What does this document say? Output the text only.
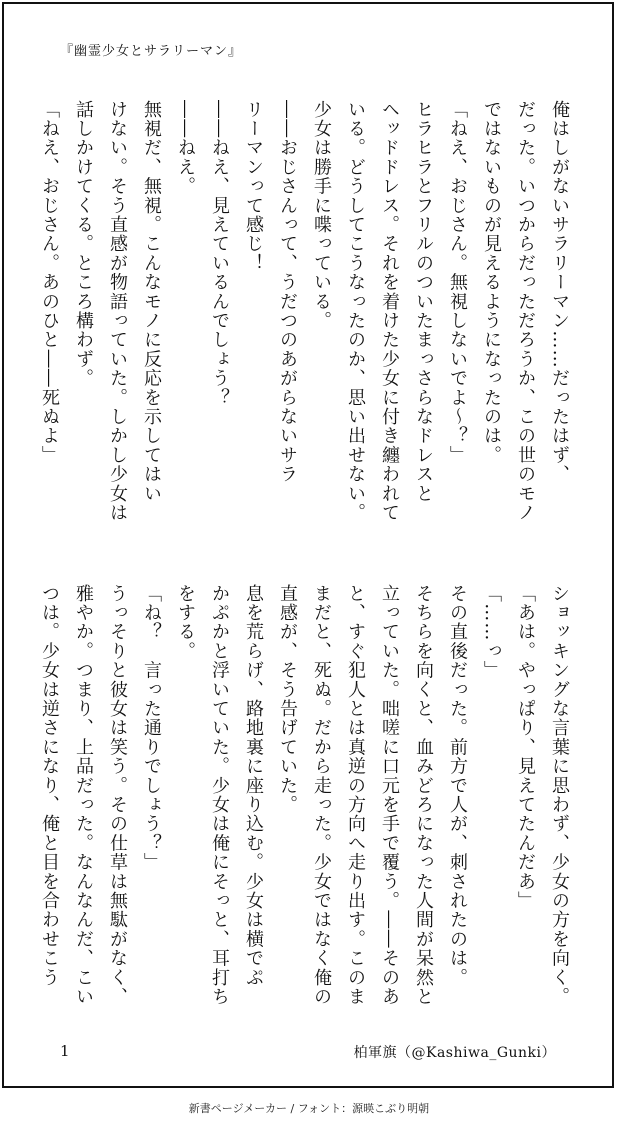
『幽霊少女とサラリーマン』

俺はしがないサラリーマン……だったはず、

だった。いつからだっただろうか、この世のモノ

ではないものが見えるようになったのは。

「ねえ、おじさん。無視しないでよ～？」

ヒラヒラとフリルのついたまっさらなドレスと

ヘッドドレス。それを着けた少女に付き纏われて

いる。どうしてこうなったのか、思い出せない。

少女は勝手に喋っている。

――おじさんって、うだつのあがらないサラ

リーマンって感じ！

――ねえ、見えているんでしょう？

――ねえ。

無視だ、無視。こんなモノに反応を示してはい

けない。そう直感が物語っていた。しかし少女は

話しかけてくる。ところ構わず。

「ねえ、おじさん。あのひと――死ぬよ」

ショッキングな言葉に思わず、少女の方を向く。

「あは。やっぱり、見えてたんだあ」

「……っ」

その直後だった。前方で人が、刺されたのは。

そちらを向くと、血みどろになった人間が呆然と

立っていた。咄嗟に口元を手で覆う。――そのあ

と、すぐ犯人とは真逆の方向へ走り出す。このま

まだと、死ぬ。だから走った。少女ではなく俺の

直感が、そう告げていた。

息を荒らげ、路地裏に座り込む。少女は横でぷ

かぷかと浮いていた。少女は俺にそっと、耳打ち

をする。

「ね？　言った通りでしょう？」

うっそりと彼女は笑う。その仕草は無駄がなく、

雅やか。つまり、上品だった。なんなんだ、こい

つは。少女は逆さになり、俺と目を合わせこう

1	柏軍旗（@Kashiwa_Gunki）
新書ページメーカー / フォント：源暎こぶり明朝
